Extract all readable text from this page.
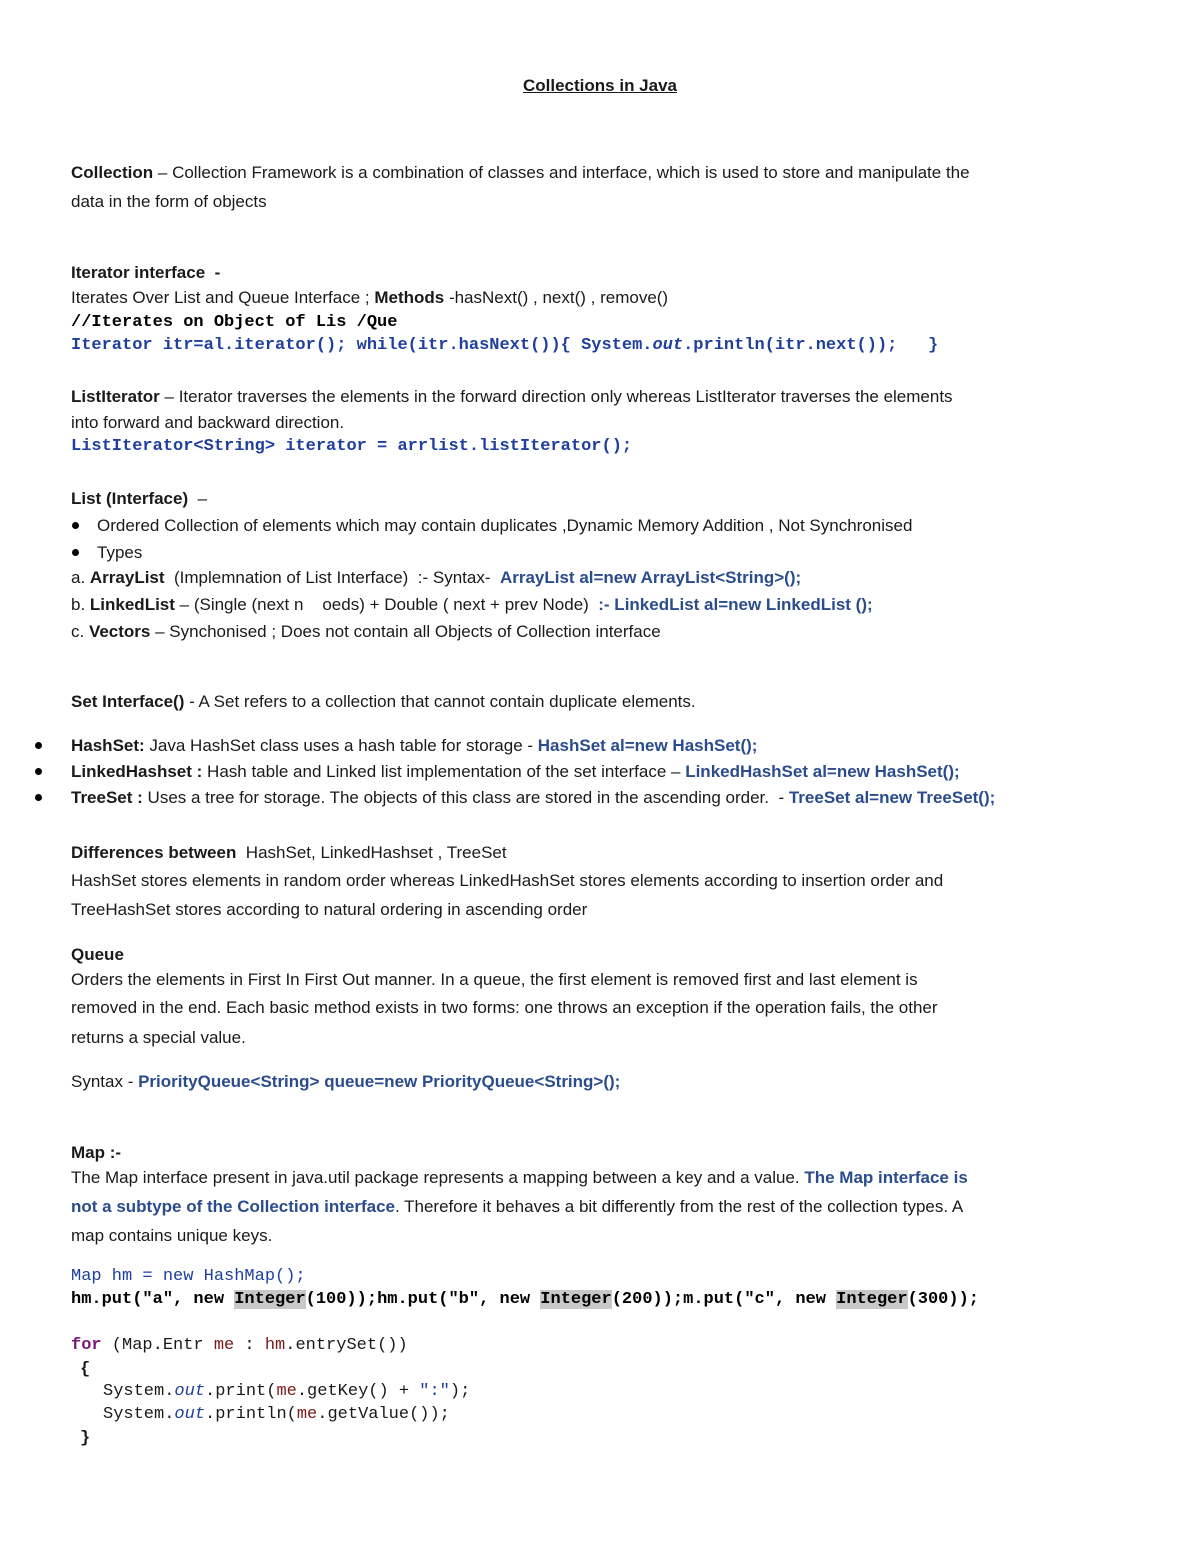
Collections in Java
Collection – Collection Framework is a combination of classes and interface, which is used to store and manipulate the
data in the form of objects
Iterator interface  -
Iterates Over List and Queue Interface ; Methods -hasNext() , next() , remove()
//Iterates on Object of Lis /Que
Iterator itr=al.iterator(); while(itr.hasNext()){ System.out.println(itr.next());   }
ListIterator – Iterator traverses the elements in the forward direction only whereas ListIterator traverses the elements
into forward and backward direction.
ListIterator<String> iterator = arrlist.listIterator();
List (Interface)  –
Ordered Collection of elements which may contain duplicates ,Dynamic Memory Addition , Not Synchronised
Types
a. ArrayList  (Implemnation of List Interface)  :- Syntax-  ArrayList al=new ArrayList<String>();
b. LinkedList – (Single (next n    oeds) + Double ( next + prev Node)  :- LinkedList al=new LinkedList ();
c. Vectors – Synchonised ; Does not contain all Objects of Collection interface
Set Interface() - A Set refers to a collection that cannot contain duplicate elements.
HashSet: Java HashSet class uses a hash table for storage - HashSet al=new HashSet();
LinkedHashset : Hash table and Linked list implementation of the set interface – LinkedHashSet al=new HashSet();
TreeSet : Uses a tree for storage. The objects of this class are stored in the ascending order.  - TreeSet al=new TreeSet();
Differences between  HashSet, LinkedHashset , TreeSet
HashSet stores elements in random order whereas LinkedHashSet stores elements according to insertion order and
TreeHashSet stores according to natural ordering in ascending order
Queue
Orders the elements in First In First Out manner. In a queue, the first element is removed first and last element is
removed in the end. Each basic method exists in two forms: one throws an exception if the operation fails, the other
returns a special value.
Syntax - PriorityQueue<String> queue=new PriorityQueue<String>();
Map :-
The Map interface present in java.util package represents a mapping between a key and a value. The Map interface is
not a subtype of the Collection interface. Therefore it behaves a bit differently from the rest of the collection types. A
map contains unique keys.
Map hm = new HashMap();
hm.put("a", new Integer(100));hm.put("b", new Integer(200));m.put("c", new Integer(300));
for (Map.Entr me : hm.entrySet())
{
System.out.print(me.getKey() + ":");
System.out.println(me.getValue());
}
